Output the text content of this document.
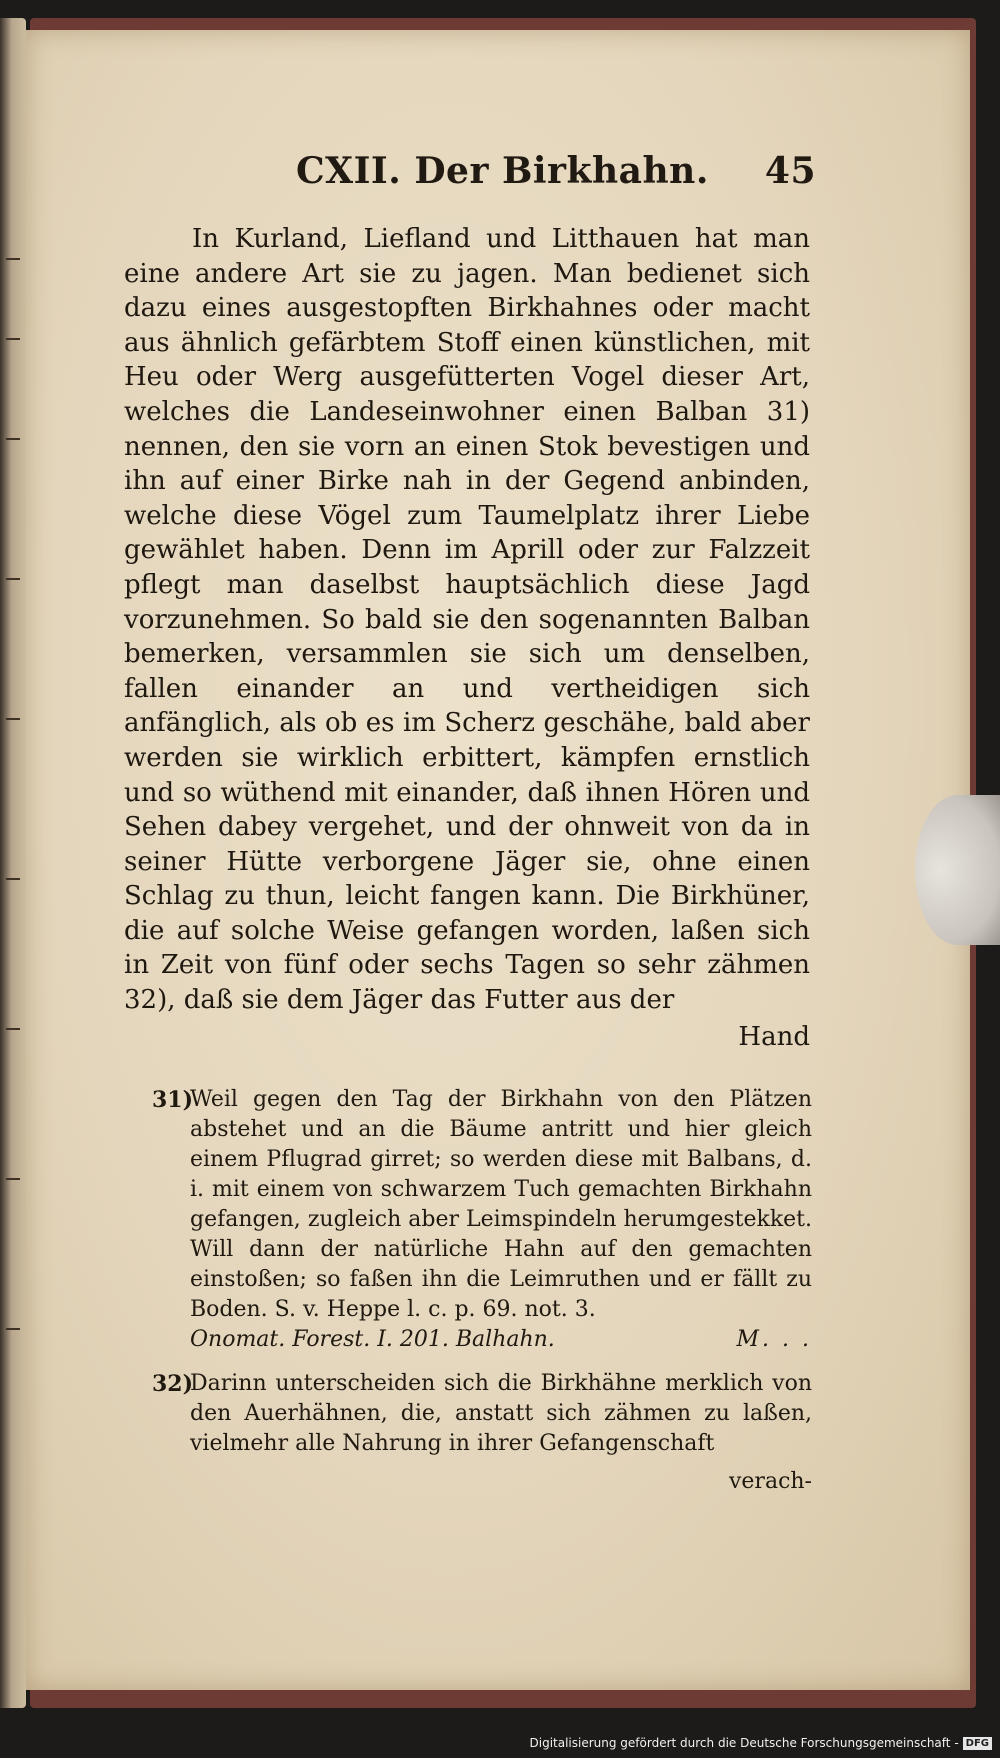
CXII. Der Birkhahn. 45

In Kurland, Liefland und Litthauen hat man eine andere Art sie zu jagen. Man bedienet sich dazu eines ausgestopften Birkhahnes oder macht aus ähnlich gefärbtem Stoff einen künstlichen, mit Heu oder Werg ausgefütterten Vogel dieser Art, welches die Landeseinwohner einen Balban 31) nennen, den sie vorn an einen Stok bevestigen und ihn auf einer Birke nah in der Gegend anbinden, welche diese Vögel zum Taumelplatz ihrer Liebe gewählet haben. Denn im Aprill oder zur Falzzeit pflegt man daselbst hauptsächlich diese Jagd vorzunehmen. So bald sie den sogenannten Balban bemerken, versammlen sie sich um denselben, fallen einander an und vertheidigen sich anfänglich, als ob es im Scherz geschähe, bald aber werden sie wirklich erbittert, kämpfen ernstlich und so wüthend mit einander, daß ihnen Hören und Sehen dabey vergehet, und der ohnweit von da in seiner Hütte verborgene Jäger sie, ohne einen Schlag zu thun, leicht fangen kann. Die Birkhüner, die auf solche Weise gefangen worden, laßen sich in Zeit von fünf oder sechs Tagen so sehr zähmen 32), daß sie dem Jäger das Futter aus der

Hand
31)
Weil gegen den Tag der Birkhahn von den Plätzen abstehet und an die Bäume antritt und hier gleich einem Pflugrad girret; so werden diese mit Balbans, d. i. mit einem von schwarzem Tuch gemachten Birkhahn gefangen, zugleich aber Leimspindeln herumgestekket. Will dann der natürliche Hahn auf den gemachten einstoßen; so faßen ihn die Leimruthen und er fällt zu Boden. S. v. Heppe l. c. p. 69. not. 3.
Onomat. Forest. I. 201. Balhahn.	M. . .
32)
Darinn unterscheiden sich die Birkhähne merklich von den Auerhähnen, die, anstatt sich zähmen zu laßen, vielmehr alle Nahrung in ihrer Gefangenschaft
verach-
Digitalisierung gefördert durch die Deutsche Forschungsgemeinschaft - DFG
